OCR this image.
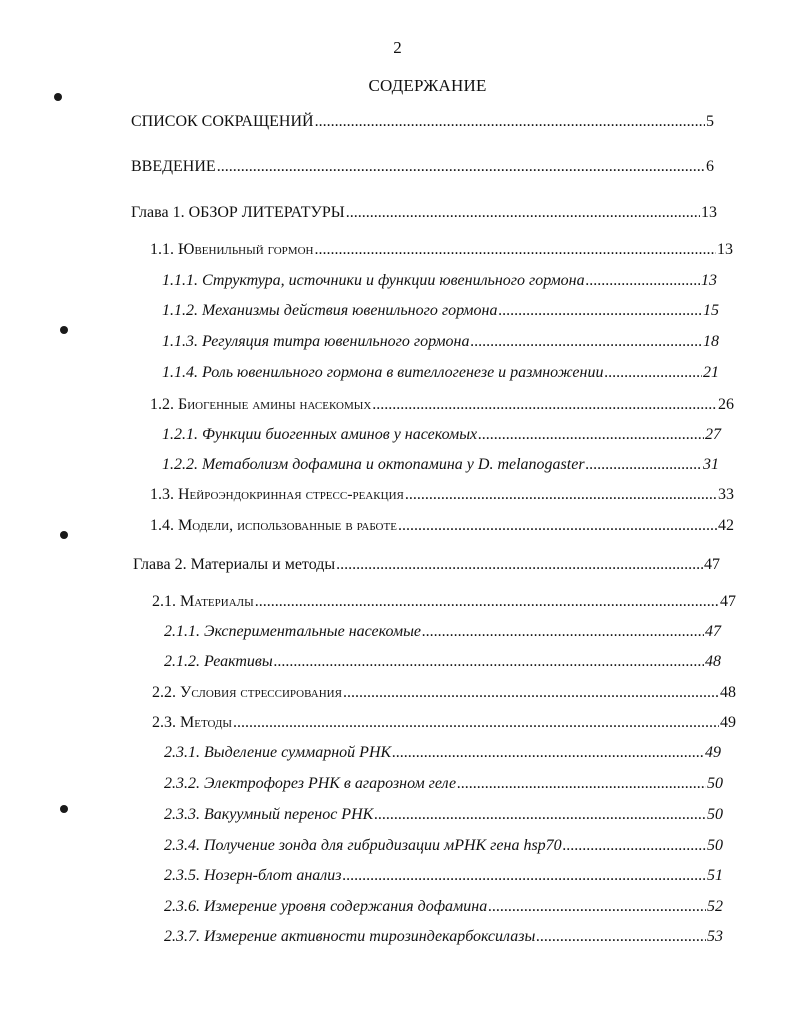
2
СОДЕРЖАНИЕ
СПИСОК СОКРАЩЕНИЙ .....	5
ВВЕДЕНИЕ .....	6
Глава 1. ОБЗОР ЛИТЕРАТУРЫ .....	13
1.1. Ювенильный гормон .....	13
1.1.1. Структура, источники и функции ювенильного гормона .....	13
1.1.2. Механизмы действия ювенильного гормона .....	15
1.1.3. Регуляция титра ювенильного гормона .....	18
1.1.4. Роль ювенильного гормона в вителлогенезе и размножении .....	21
1.2. Биогенные амины насекомых .....	26
1.2.1. Функции биогенных аминов у насекомых .....	27
1.2.2. Метаболизм дофамина и октопамина у D. melanogaster .....	31
1.3. Нейроэндокринная стресс-реакция .....	33
1.4. Модели, использованные в работе .....	42
Глава 2. Материалы и методы .....	47
2.1. Материалы .....	47
2.1.1. Экспериментальные насекомые .....	47
2.1.2. Реактивы .....	48
2.2. Условия стрессирования .....	48
2.3. Методы .....	49
2.3.1. Выделение суммарной РНК .....	49
2.3.2. Электрофорез РНК в агарозном геле .....	50
2.3.3. Вакуумный перенос РНК .....	50
2.3.4. Получение зонда для гибридизации мРНК гена hsp70 .....	50
2.3.5. Нозерн-блот анализ .....	51
2.3.6. Измерение уровня содержания дофамина .....	52
2.3.7. Измерение активности тирозиндекарбоксилазы .....	53
